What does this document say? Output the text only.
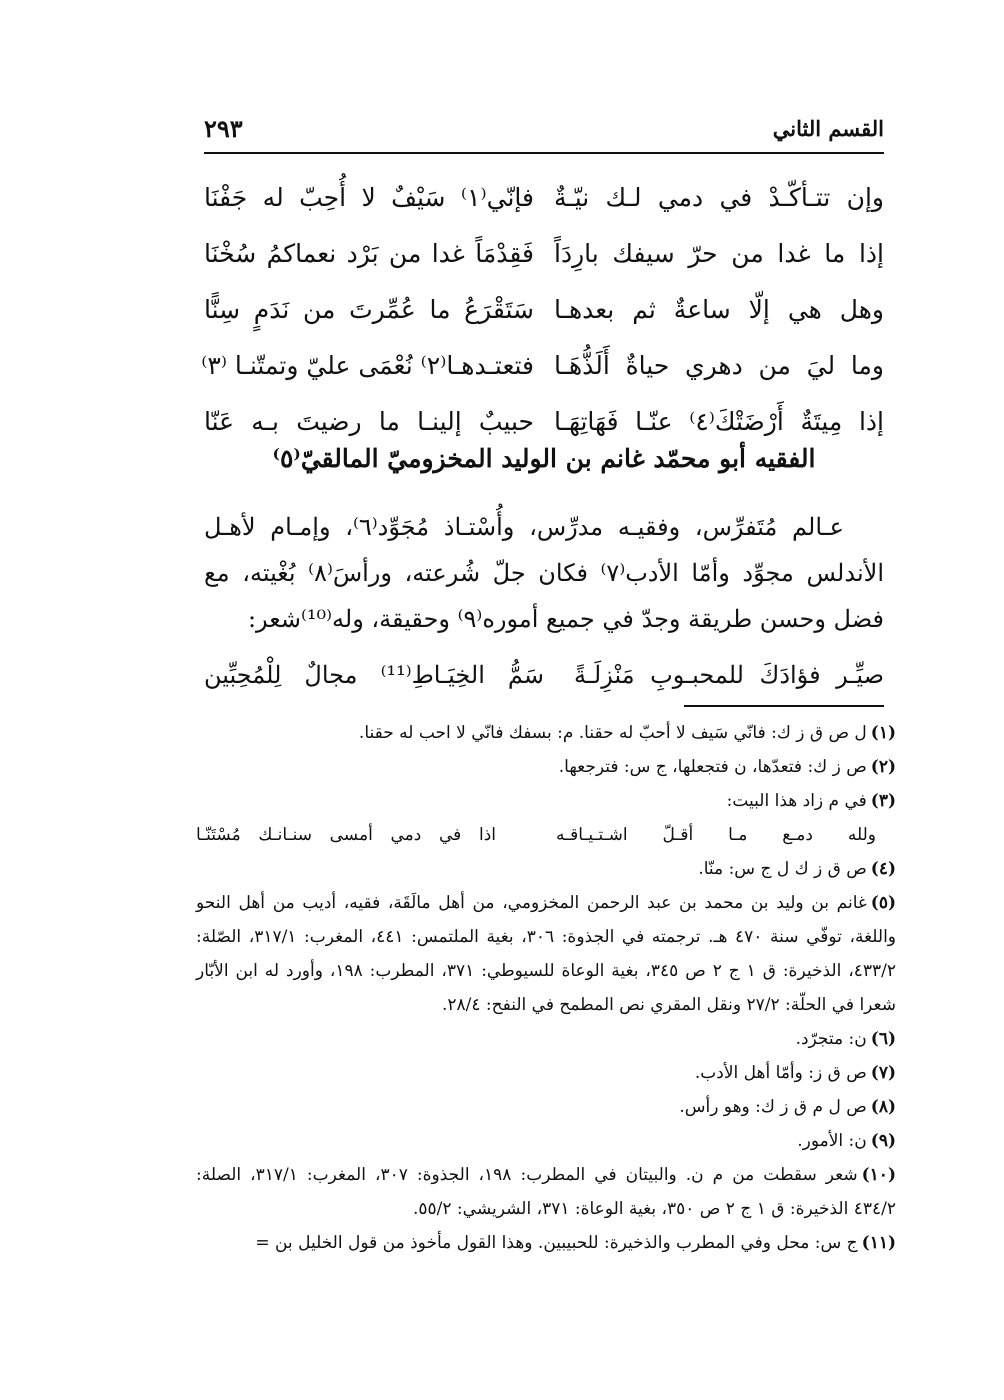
القسم الثاني
٢٩٣
وإن تتـأكّـدْ في دمي لـك نيّـةٌ
فإنّي⁽١⁾ سَيْفٌ لا أُحِبّ له جَفْنَا
إذا ما غدا من حرّ سيفك بارِدَاً
فَقِدْمَاً غدا من بَرْد نعماكمُ سُخْنَا
وهل هي إلّا ساعةٌ ثم بعدهـا
سَتَقْرَعُ ما عُمِّرتَ من نَدَمٍ سِنًّا
وما ليَ من دهري حياةٌ أَلَذُّهَـا
فتعتـدهـا⁽٢⁾ نُعْمَى عليّ وتمتّنـا ⁽٣⁾
إذا مِيتَةٌ أَرْضَتْكَ⁽٤⁾ عنّـا فَهَاتِهَـا
حبيبٌ إلينـا ما رضيتَ بـه عَنّا
الفقيه أبو محمّد غانم بن الوليد المخزوميّ المالقيّ⁽٥⁾

عـالم مُتَفرِّس، وفقيـه مدرِّس، وأُسْتـاذ مُجَوِّد⁽٦⁾، وإمـام لأهـل الأندلس مجوِّد وأمّا الأدب⁽٧⁾ فكان جلّ شُرعته، ورأسَ⁽٨⁾ بُغْيته، مع فضل وحسن طريقة وجدّ في جميع أموره⁽٩⁾ وحقيقة، وله⁽¹⁰⁾شعر:

صيِّـر فؤادَكَ للمحبـوبِ مَنْزِلَـةً
سَمُّ الخِيَـاطِ⁽¹¹⁾ مجالٌ لِلْمُحِبِّين

(١)ل ص ق ز ك: فانّي سَيف لا أحبّ له حقنا. م: بسفك فانّي لا احب له حقنا.

(٢)ص ز ك: فتعدّها، ن فتجعلها، ج س: فترجعها.

(٣)في م زاد هذا البيت:

ولله دمـع مـا أقـلّ اشـتـيـاقـه
اذا في دمي أمسى سنـانـك مُسْتَنّـا

(٤)ص ق ز ك ل ج س: منّا.

(٥)غانم بن وليد بن محمد بن عبد الرحمن المخزومي، من أهل مالَقَة، فقيه، أديب من أهل النحو واللغة، توفّي سنة ٤٧٠ هـ. ترجمته في الجذوة: ٣٠٦، بغية الملتمس: ٤٤١، المغرب: ٣١٧/١، الصّلة: ٤٣٣/٢، الذخيرة: ق ١ ج ٢ ص ٣٤٥، بغية الوعاة للسيوطي: ٣٧١، المطرب: ١٩٨، وأورد له ابن الأبّار شعرا في الحلّة: ٢٧/٢ ونقل المقري نص المطمح في النفح: ٢٨/٤.

(٦)ن: متجرّد.

(٧)ص ق ز: وأمّا أهل الأدب.

(٨)ص ل م ق ز ك: وهو رأس.

(٩)ن: الأمور.

(١٠)شعر سقطت من م ن. والبيتان في المطرب: ١٩٨، الجذوة: ٣٠٧، المغرب: ٣١٧/١، الصلة: ٤٣٤/٢ الذخيرة: ق ١ ج ٢ ص ٣٥٠، بغية الوعاة: ٣٧١، الشريشي: ٥٥/٢.

(١١)ج س: محل وفي المطرب والذخيرة: للحبيبين. وهذا القول مأخوذ من قول الخليل بن =
